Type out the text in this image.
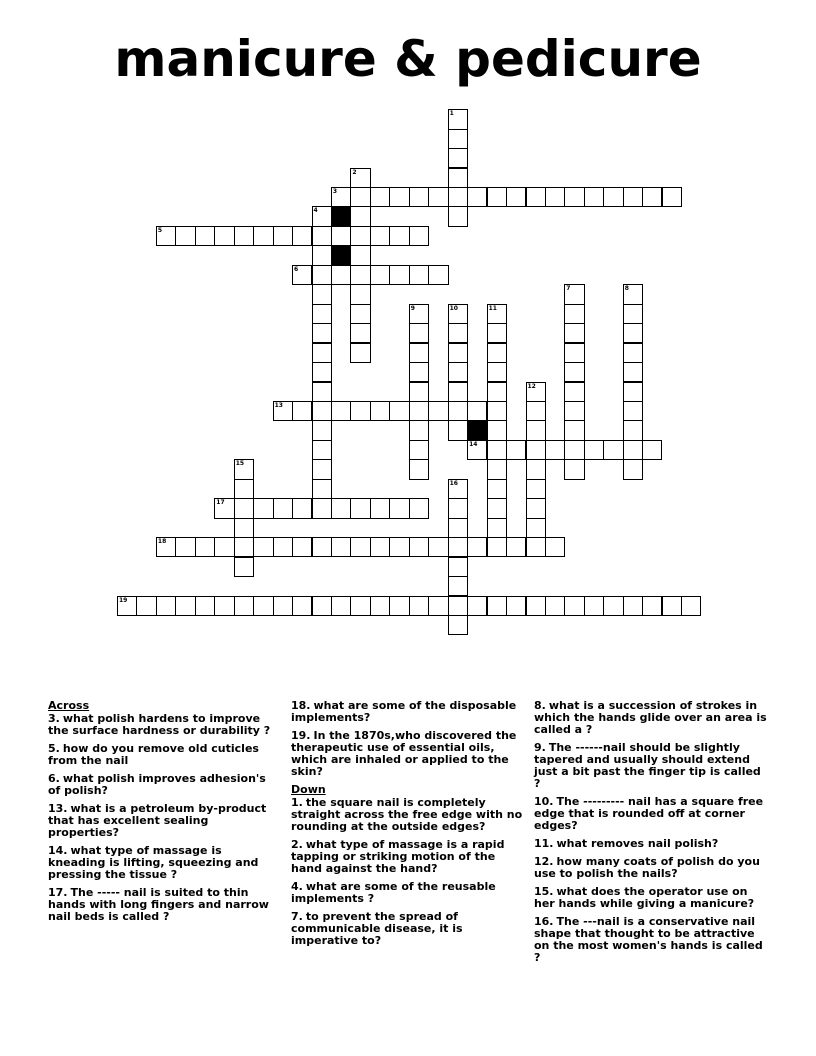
manicure & pedicure
3
5
6
13
14
17
18
19
1
2
4
7	8
9	10	11
12
15
16
Across
3. what polish hardens to improve the surface hardness or durability ?
5. how do you remove old cuticles from the nail
6. what polish improves adhesion's of polish?
13. what is a petroleum by-product that has excellent sealing properties?
14. what type of massage is kneading is lifting, squeezing and pressing the tissue ?
17. The ----- nail is suited to thin hands with long fingers and narrow nail beds is called ?
18. what are some of the disposable implements?
19. In the 1870s,who discovered the therapeutic use of essential oils, which are inhaled or applied to the skin?
Down
1. the square nail is completely straight across the free edge with no rounding at the outside edges?
2. what type of massage is a rapid tapping or striking motion of the hand against the hand?
4. what are some of the reusable implements ?
7. to prevent the spread of communicable disease, it is imperative to?
8. what is a succession of strokes in which the hands glide over an area is called a ?
9. The ------nail should be slightly tapered and usually should extend just a bit past the finger tip is called ?
10. The --------- nail has a square free edge that is rounded off at corner edges?
11. what removes nail polish?
12. how many coats of polish do you use to polish the nails?
15. what does the operator use on her hands while giving a manicure?
16. The ---nail is a conservative nail shape that thought to be attractive on the most women's hands is called ?
